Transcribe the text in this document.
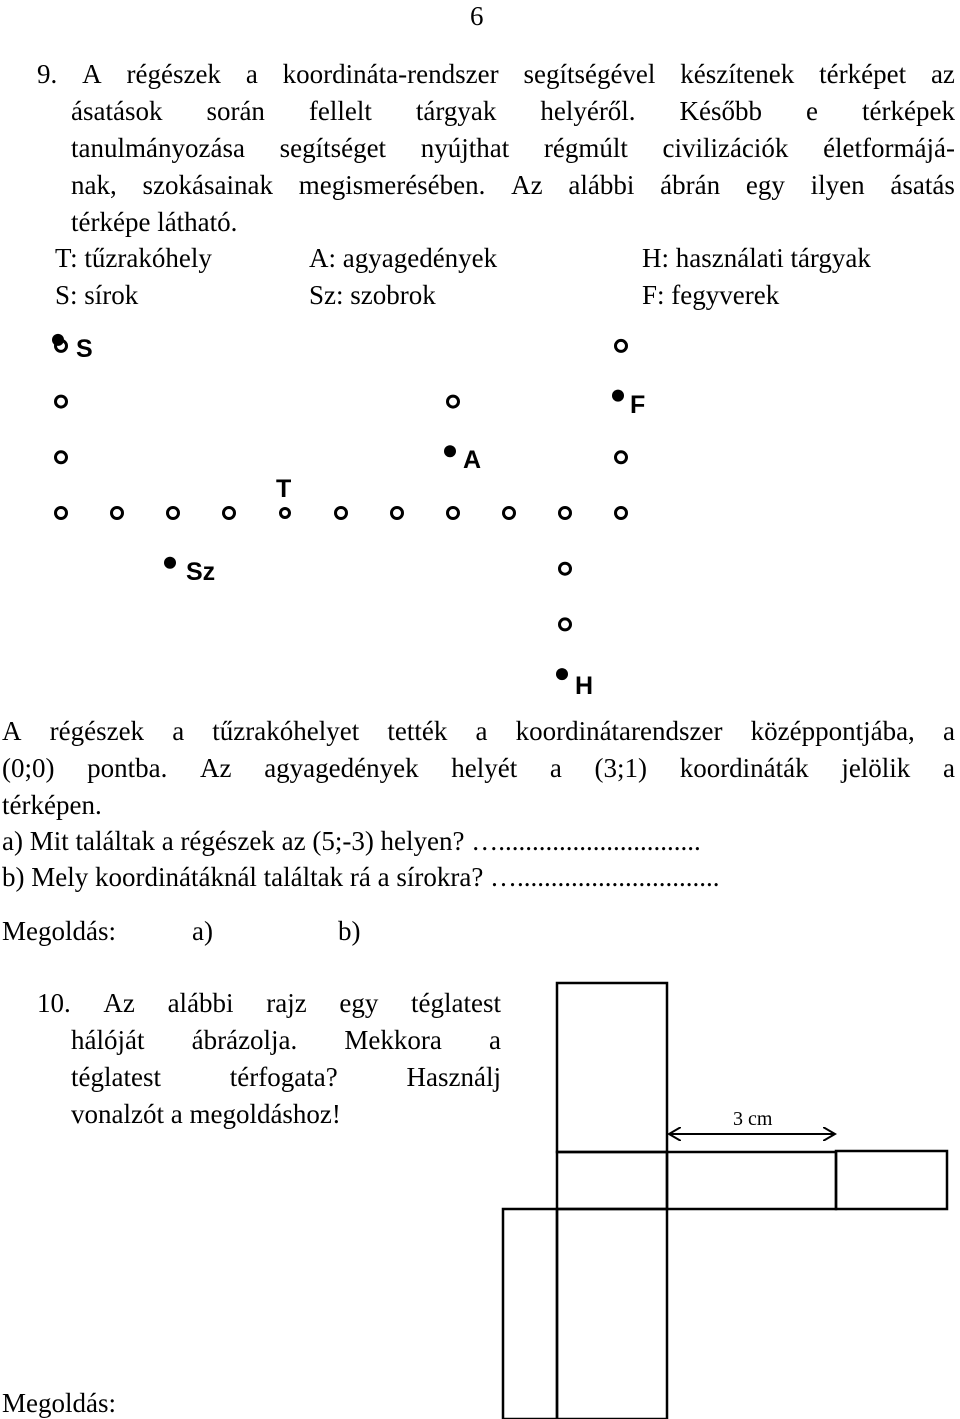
6
9. A régészek a koordináta-rendszer segítségével készítenek térképet az
ásatások során fellelt tárgyak helyéről. Később e térképek
tanulmányozása segítséget nyújthat régmúlt civilizációk életformájá-
nak, szokásainak megismerésében. Az alábbi ábrán egy ilyen ásatás
térképe látható.
T: tűzrakóhely	A: agyagedények	H: használati tárgyak
S: sírok	Sz: szobrok	F: fegyverek
S
F
A
T
Sz
H
A régészek a tűzrakóhelyet tették a koordinátarendszer középpontjába, a
(0;0) pontba. Az agyagedények helyét a (3;1) koordináták jelölik a
térképen.
a) Mit találtak a régészek az (5;-3) helyen? …..............................
b) Mely koordinátáknál találtak rá a sírokra? …..............................
Megoldás:	a)	b)
10. Az alábbi rajz egy téglatest
hálóját ábrázolja. Mekkora a
téglatest	térfogata?	Használj
vonalzót a megoldáshoz!	3 cm
Megoldás:
